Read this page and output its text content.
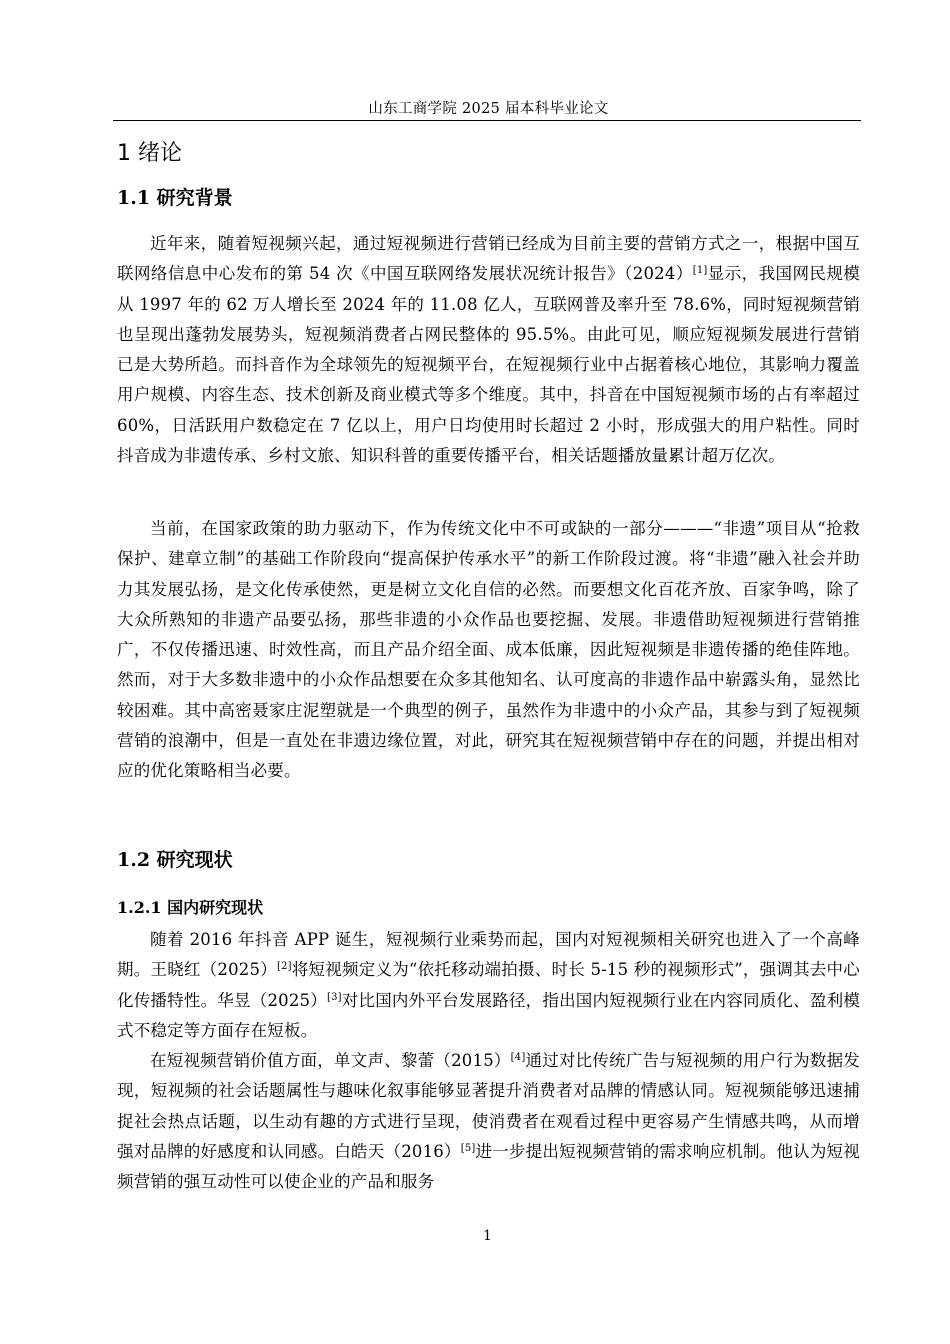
山东工商学院 2025 届本科毕业论文
1 绪论
1.1 研究背景

近年来，随着短视频兴起，通过短视频进行营销已经成为目前主要的营销方式之一，根据中国互联网络信息中心发布的第 54 次《中国互联网络发展状况统计报告》（2024）[1]显示，我国网民规模从 1997 年的 62 万人增长至 2024 年的 11.08 亿人，互联网普及率升至 78.6%，同时短视频营销也呈现出蓬勃发展势头，短视频消费者占网民整体的 95.5%。由此可见，顺应短视频发展进行营销已是大势所趋。而抖音作为全球领先的短视频平台，在短视频行业中占据着核心地位，其影响力覆盖用户规模、内容生态、技术创新及商业模式等多个维度。其中，抖音在中国短视频市场的占有率超过 60%，日活跃用户数稳定在 7 亿以上，用户日均使用时长超过 2 小时，形成强大的用户粘性。同时抖音成为非遗传承、乡村文旅、知识科普的重要传播平台，相关话题播放量累计超万亿次。

当前，在国家政策的助力驱动下，作为传统文化中不可或缺的一部分———“非遗”项目从“抢救保护、建章立制”的基础工作阶段向“提高保护传承水平”的新工作阶段过渡。将“非遗”融入社会并助力其发展弘扬，是文化传承使然，更是树立文化自信的必然。而要想文化百花齐放、百家争鸣，除了大众所熟知的非遗产品要弘扬，那些非遗的小众作品也要挖掘、发展。非遗借助短视频进行营销推广，不仅传播迅速、时效性高，而且产品介绍全面、成本低廉，因此短视频是非遗传播的绝佳阵地。然而，对于大多数非遗中的小众作品想要在众多其他知名、认可度高的非遗作品中崭露头角，显然比较困难。其中高密聂家庄泥塑就是一个典型的例子，虽然作为非遗中的小众产品，其参与到了短视频营销的浪潮中，但是一直处在非遗边缘位置，对此，研究其在短视频营销中存在的问题，并提出相对应的优化策略相当必要。

1.2 研究现状
1.2.1 国内研究现状

随着 2016 年抖音 APP 诞生，短视频行业乘势而起，国内对短视频相关研究也进入了一个高峰期。王晓红（2025）[2]将短视频定义为“依托移动端拍摄、时长 5-15 秒的视频形式”，强调其去中心化传播特性。华昱（2025）[3]对比国内外平台发展路径，指出国内短视频行业在内容同质化、盈利模式不稳定等方面存在短板。

在短视频营销价值方面，单文声、黎蕾（2015）[4]通过对比传统广告与短视频的用户行为数据发现，短视频的社会话题属性与趣味化叙事能够显著提升消费者对品牌的情感认同。短视频能够迅速捕捉社会热点话题，以生动有趣的方式进行呈现，使消费者在观看过程中更容易产生情感共鸣，从而增强对品牌的好感度和认同感。白皓天（2016）[5]进一步提出短视频营销的需求响应机制。他认为短视频营销的强互动性可以使企业的产品和服务

1
